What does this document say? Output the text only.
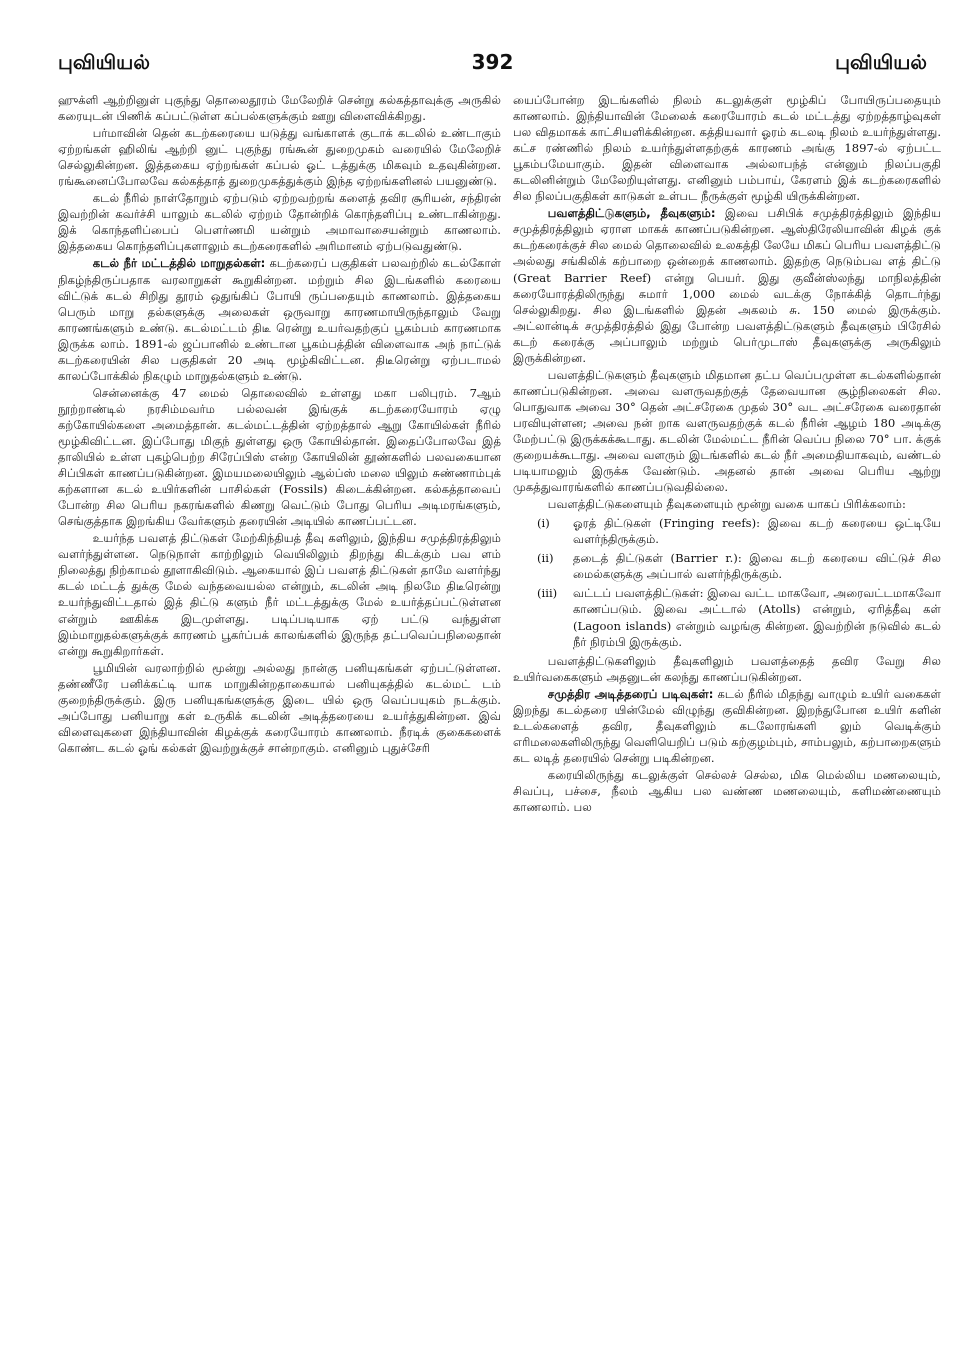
புவியியல்	392	புவியியல்

ஹுக்ளி ஆற்றினுள் புகுந்து தொலைதூரம் மேலேறிச் சென்று கல்கத்தாவுக்கு அருகில் கரையுடன் பிணிக் கப்பட்டுள்ள கப்பல்களுக்கும் ஊறு விளைவிக்கிறது.

பர்மாவின் தென் கடற்கரையை யடுத்து வங்காளக் குடாக் கடலில் உண்டாகும் ஏற்றங்கள் ஹிலிங் ஆற்றி னுட் புகுந்து ரங்கூன் துறைமுகம் வரையில் மேலேறிச் செல்லுகின்றன. இத்தகைய ஏற்றங்கள் கப்பல் ஓட் டத்துக்கு மிகவும் உதவுகின்றன. ரங்கூனைப்போலவே கல்கத்தாத் துறைமுகத்துக்கும் இந்த ஏற்றங்களினல் பயனுண்டு.

கடல் நீரில் நாள்தோறும் ஏற்படும் ஏற்றவற்றங் களைத் தவிர சூரியன், சந்திரன் இவற்றின் கவர்ச்சி யாலும் கடலில் ஏற்றம் தோன்றிக் கொந்தளிப்பு உண்டாகின்றது. இக் கொந்தளிப்பைப் பௌர்ணமி யன்றும் அமாவாசையன்றும் காணலாம். இத்தகைய கொந்தளிப்புகளாலும் கடற்கரைகளில் அரிமானம் ஏற்படுவதுண்டு.

கடல் நீர் மட்டத்தில் மாறுதல்கள்: கடற்கரைப் பகுதிகள் பலவற்றில் கடல்கோள் நிகழ்ந்திருப்பதாக வரலாறுகள் கூறுகின்றன. மற்றும் சில இடங்களில் கரையை விட்டுக் கடல் சிறிது தூரம் ஒதுங்கிப் போயி ருப்பதையும் காணலாம். இத்தகைய பெரும் மாறு தல்களுக்கு அலைகள் ஒருவாறு காரணமாயிருந்தாலும் வேறு காரணங்களும் உண்டு. கடல்மட்டம் திடீ ரென்று உயர்வதற்குப் பூகம்பம் காரணமாக இருக்க லாம். 1891-ல் ஜப்பானில் உண்டான பூகம்பத்தின் விளைவாக அந் நாட்டுக் கடற்கரையின் சில பகுதிகள் 20 அடி மூழ்கிவிட்டன. திடீரென்று ஏற்படாமல் காலப்போக்கில் நிகழும் மாறுதல்களும் உண்டு.

சென்னைக்கு 47 மைல் தொலைவில் உள்ளது மகா பலிபுரம். 7ஆம் நூற்றாண்டில் நரசிம்மவர்ம பல்லவன் இங்குக் கடற்கரையோரம் ஏழு கற்கோயில்களை அமைத்தான். கடல்மட்டத்தின் ஏற்றத்தால் ஆறு கோயில்கள் நீரில் மூழ்கிவிட்டன. இப்போது மிகுந் துள்ளது ஒரு கோயில்தான். இதைப்போலவே இத் தாலியில் உள்ள புகழ்பெற்ற சிரேப்பிஸ் என்ற கோயிலின் தூண்களில் பலவகையான சிப்பிகள் காணப்படுகின்றன. இமயமலையிலும் ஆல்ப்ஸ் மலை யிலும் சுண்ணாம்புக் கற்களான கடல் உயிர்களின் பாசில்கள் (Fossils) கிடைக்கின்றன. கல்கத்தாவைப் போன்ற சில பெரிய நகரங்களில் கிணறு வெட்டும் போது பெரிய அடிமரங்களும், செங்குத்தாக இறங்கிய வேர்களும் தரையின் அடியில் காணப்பட்டன.

உயர்ந்த பவளத் திட்டுகள் மேற்கிந்தியத் தீவு களிலும், இந்திய சமுத்திரத்திலும் வளர்ந்துள்ளன. நெடுநாள் காற்றிலும் வெயிலிலும் திறந்து கிடக்கும் பவ ளம் நிலைத்து நிற்காமல் தூளாகிவிடும். ஆகையால் இப் பவளத் திட்டுகள் தாமே வளர்ந்து கடல் மட்டத் துக்கு மேல் வந்தவையல்ல என்றும், கடலின் அடி நிலமே திடீரென்று உயர்ந்துவிட்டதால் இத் திட்டு களும் நீர் மட்டத்துக்கு மேல் உயர்த்தப்பட்டுள்ளன என்றும் ஊகிக்க இடமுள்ளது. படிப்படியாக ஏற் பட்டு வந்துள்ள இம்மாறுதல்களுக்குக் காரணம் பூகர்ப்பக் காலங்களில் இருந்த தட்பவெப்பநிலைதான் என்று கூறுகிறார்கள்.

பூமியின் வரலாற்றில் மூன்று அல்லது நான்கு பனியுகங்கள் ஏற்பட்டுள்ளன. தண்ணீரே பனிக்கட்டி யாக மாறுகின்றதாகையால் பனியுகத்தில் கடல்மட் டம் குறைந்திருக்கும். இரு பனியுகங்களுக்கு இடை யில் ஒரு வெப்பயுகம் நடக்கும். அப்போது பனியாறு கள் உருகிக் கடலின் அடித்தரையை உயர்த்துகின்றன. இவ் விளைவுகளை இந்தியாவின் கிழக்குக் கரையோரம் காணலாம். நீரடிக் குகைகளைக் கொண்ட கடல் ஓங் கல்கள் இவற்றுக்குச் சான்றாகும். எனினும் புதுச்சேரி

யைப்போன்ற இடங்களில் நிலம் கடலுக்குள் மூழ்கிப் போயிருப்பதையும் காணலாம். இந்தியாவின் மேலைக் கரையோரம் கடல் மட்டத்து ஏற்றத்தாழ்வுகள் பல விதமாகக் காட்சியளிக்கின்றன. கத்தியவார் ஓரம் கடலடி நிலம் உயர்ந்துள்ளது. கட்ச ரண்ணில் நிலம் உயர்ந்துள்ளதற்குக் காரணம் அங்கு 1897-ல் ஏற்பட்ட பூகம்பமேயாகும். இதன் விளைவாக அல்லாபந்த் என்னும் நிலப்பகுதி கடலினின்றும் மேலேறியுள்ளது. எனினும் பம்பாய், கேரளம் இக் கடற்கரைகளில் சில நிலப்பகுதிகள் காடுகள் உள்பட நீருக்குள் மூழ்கி யிருக்கின்றன.

பவளத்திட்டுகளும், தீவுகளும்: இவை பசிபிக் சமுத்திரத்திலும் இந்திய சமுத்திரத்திலும் ஏராள மாகக் காணப்படுகின்றன. ஆஸ்திரேலியாவின் கிழக் குக் கடற்கரைக்குச் சில மைல் தொலைவில் உலகத்தி லேயே மிகப் பெரிய பவளத்திட்டு அல்லது சங்கிலிக் கற்பாறை ஒன்றைக் காணலாம். இதற்கு நெடும்பவ ளத் திட்டு (Great Barrier Reef) என்று பெயர். இது குவீன்ஸ்லந்து மாநிலத்தின் கரையோரத்திலிருந்து சுமார் 1,000 மைல் வடக்கு நோக்கித் தொடர்ந்து செல்லுகிறது. சில இடங்களில் இதன் அகலம் சு. 150 மைல் இருக்கும். அட்லான்டிக் சமுத்திரத்தில் இது போன்ற பவளத்திட்டுகளும் தீவுகளும் பிரேசில் கடற் கரைக்கு அப்பாலும் மற்றும் பெர்முடாஸ் தீவுகளுக்கு அருகிலும் இருக்கின்றன.

பவளத்திட்டுகளும் தீவுகளும் மிதமான தட்ப வெப்பமுள்ள கடல்களில்தான் காணப்படுகின்றன. அவை வளருவதற்குத் தேவையான சூழ்நிலைகள் சில. பொதுவாக அவை 30° தென் அட்சரேகை முதல் 30° வட அட்சரேகை வரைதான் பரவியுள்ளன; அவை நன் றாக வளருவதற்குக் கடல் நீரின் ஆழம் 180 அடிக்கு மேற்பட்டு இருக்கக்கூடாது. கடலின் மேல்மட்ட நீரின் வெப்ப நிலை 70° பா. க்குக் குறையக்கூடாது. அவை வளரும் இடங்களில் கடல் நீர் அமைதியாகவும், வண்டல் படியாமலும் இருக்க வேண்டும். அதனல் தான் அவை பெரிய ஆற்று முகத்துவாரங்களில் காணப்படுவதில்லை.

பவளத்திட்டுகளையும் தீவுகளையும் மூன்று வகை யாகப் பிரிக்கலாம்:

(i)	ஓரத் திட்டுகள் (Fringing reefs): இவை கடற் கரையை ஒட்டியே வளர்ந்திருக்கும்.
(ii)	தடைத் திட்டுகள் (Barrier r.): இவை கடற் கரையை விட்டுச் சில மைல்களுக்கு அப்பால் வளர்ந்திருக்கும்.
(iii)	வட்டப் பவளத்திட்டுகள்: இவை வட்ட மாகவோ, அரைவட்டமாகவோ காணப்படும். இவை அட்டால் (Atolls) என்றும், ஏரித்தீவு கள் (Lagoon islands) என்றும் வழங்கு கின்றன. இவற்றின் நடுவில் கடல் நீர் நிரம்பி இருக்கும்.

பவளத்திட்டுகளிலும் தீவுகளிலும் பவளத்தைத் தவிர வேறு சில உயிர்வகைகளும் அதனுடன் கலந்து காணப்படுகின்றன.

சமுத்திர அடித்தரைப் படிவுகள்: கடல் நீரில் மிதந்து வாழும் உயிர் வகைகள் இறந்து கடல்தரை யின்மேல் விழுந்து குவிகின்றன. இறந்துபோன உயிர் களின் உடல்களைத் தவிர, தீவுகளிலும் கடலோரங்களி லும் வெடிக்கும் எரிமலைகளிலிருந்து வெளியெறிப் படும் கற்குழம்பும், சாம்பலும், கற்பாறைகளும் கட லடித் தரையில் சென்று படிகின்றன.

கரையிலிருந்து கடலுக்குள் செல்லச் செல்ல, மிக மெல்லிய மணலையும், சிவப்பு, பச்சை, நீலம் ஆகிய பல வண்ண மணலையும், களிமண்ணையும் காணலாம். பல
